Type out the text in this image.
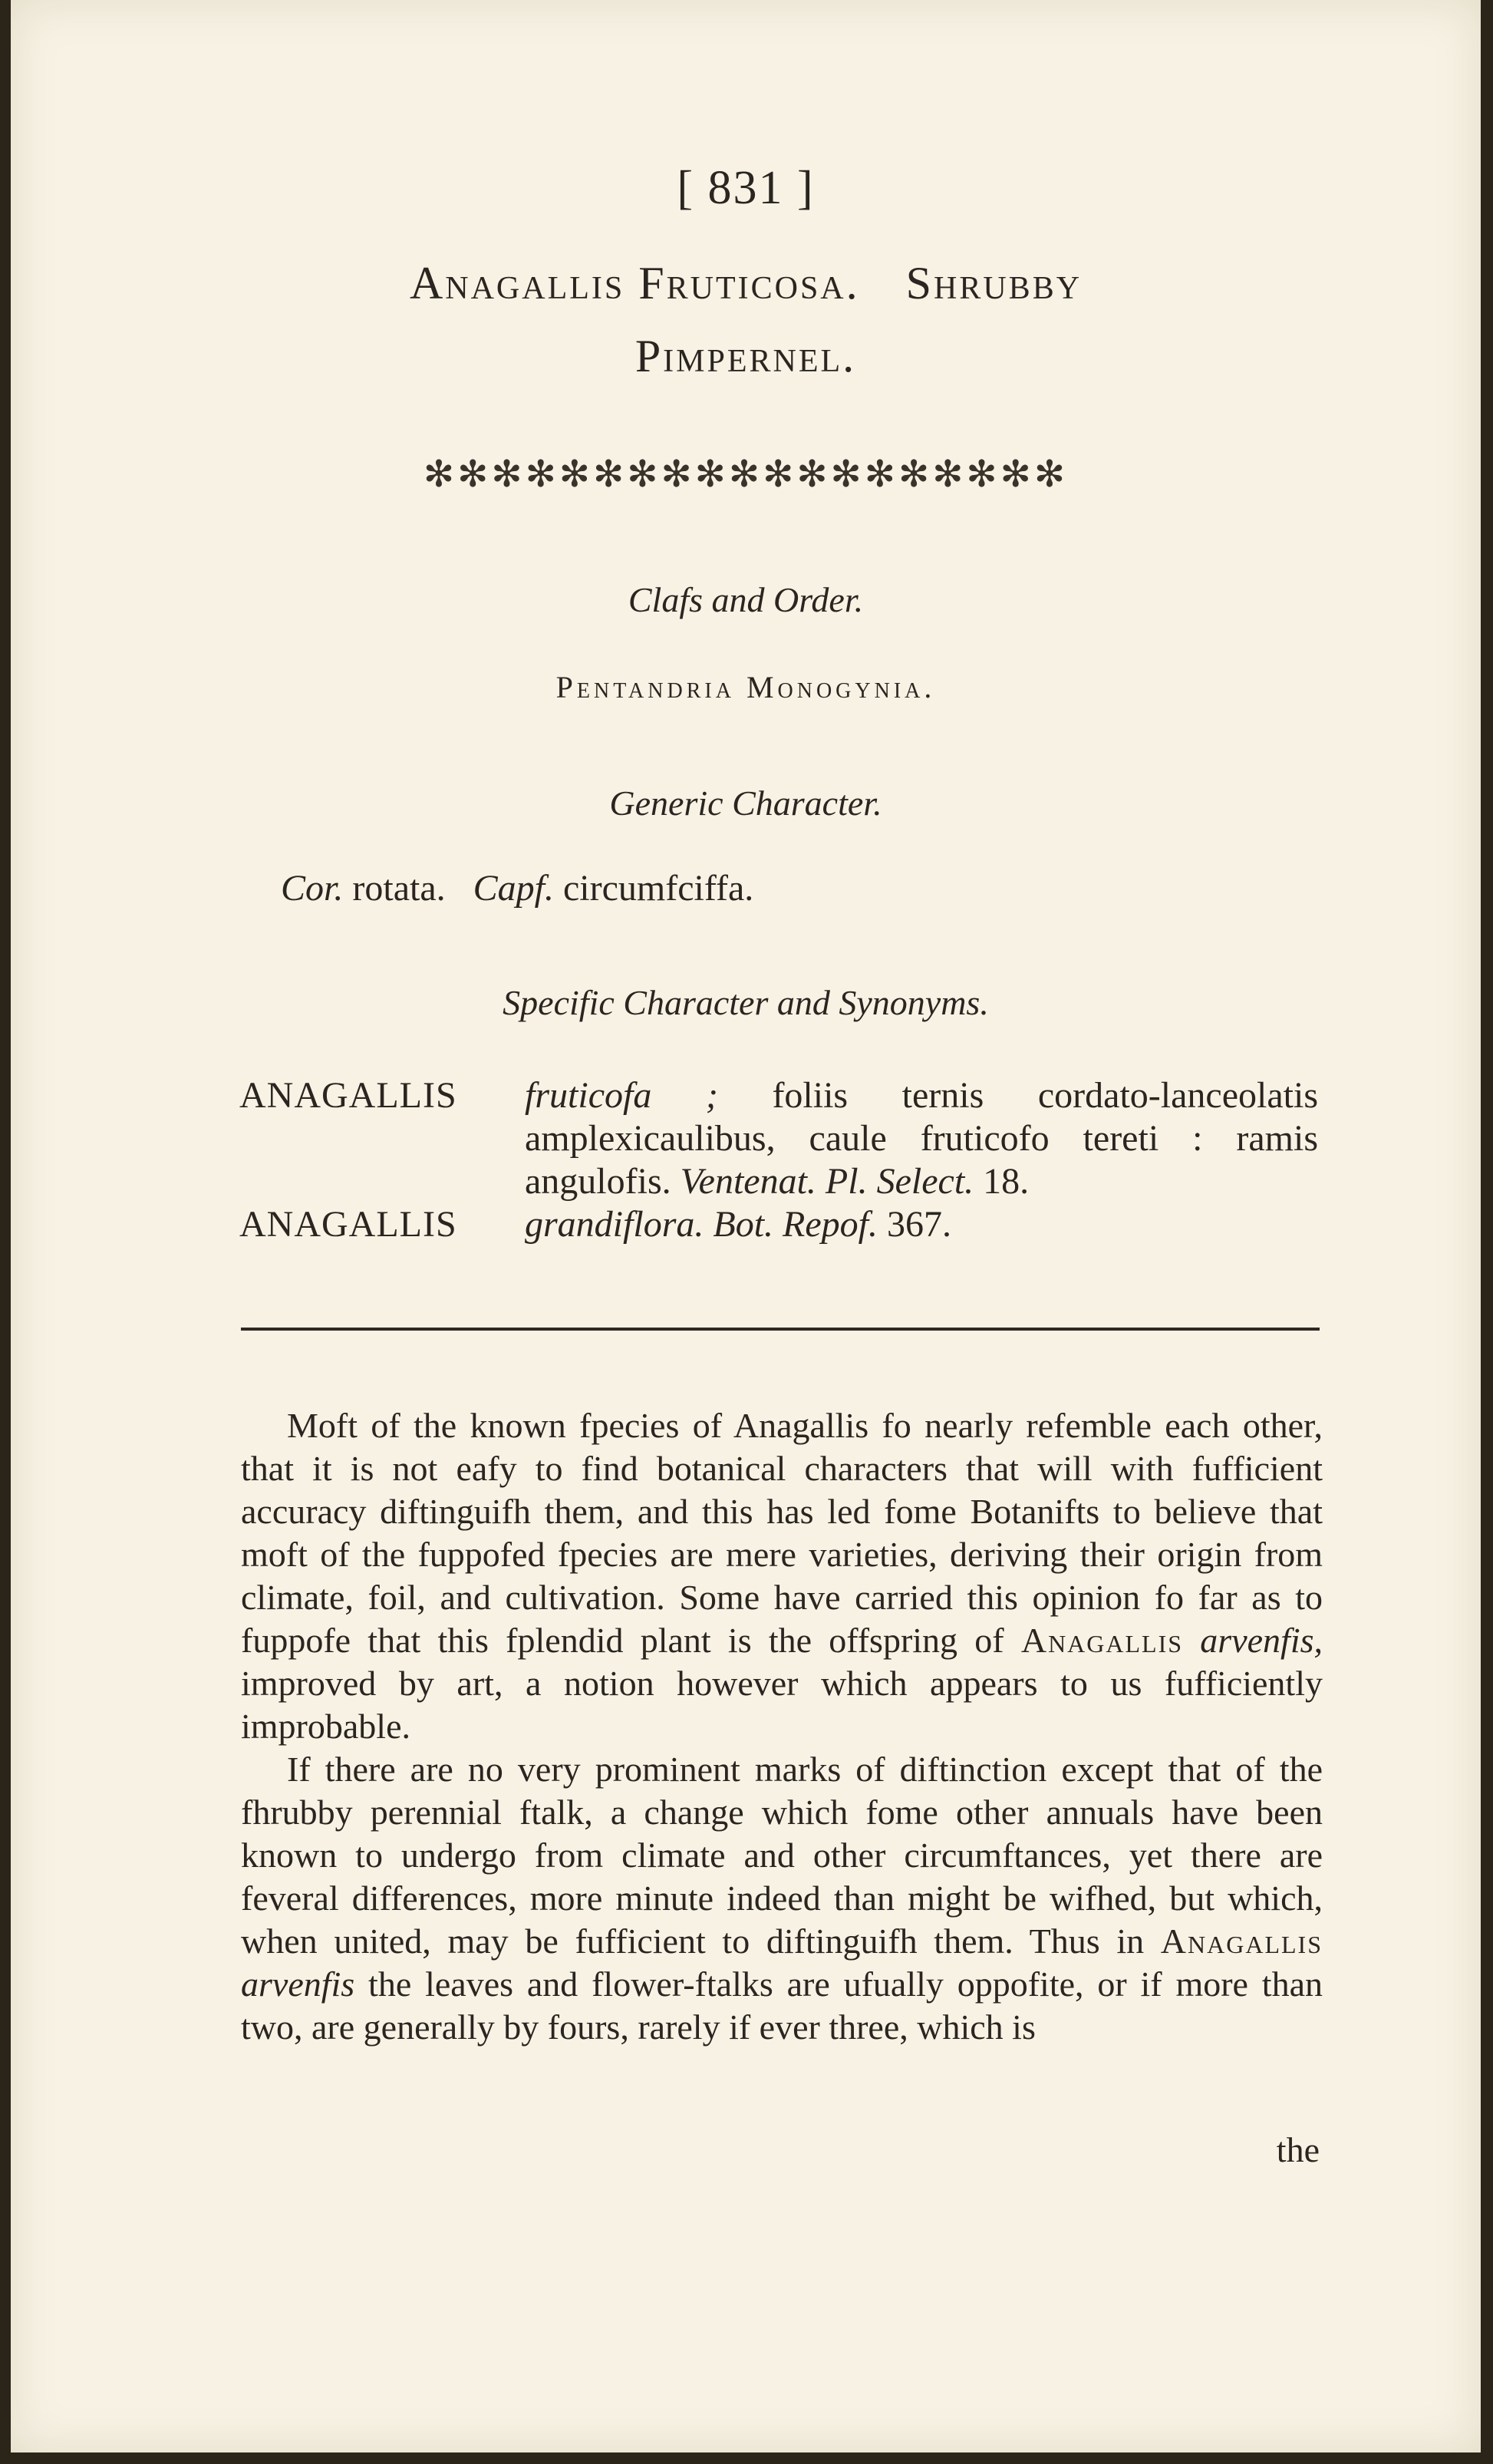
[ 831 ]
Anagallis Fruticosa. Shrubby
Pimpernel.
✻✻✻✻✻✻✻✻✻✻✻✻✻✻✻✻✻✻✻
Clafs and Order.
Pentandria Monogynia.
Generic Character.
Cor. rotata. Capf. circumfciffa.
Specific Character and Synonyms.
ANAGALLIS fruticofa ; foliis ternis cordato-lanceolatis amplexicaulibus, caule fruticofo tereti : ramis angulofis. Ventenat. Pl. Select. 18.
ANAGALLIS grandiflora. Bot. Repof. 367.

Moft of the known fpecies of Anagallis fo nearly refemble each other, that it is not eafy to find botanical characters that will with fufficient accuracy diftinguifh them, and this has led fome Botanifts to believe that moft of the fuppofed fpecies are mere varieties, deriving their origin from climate, foil, and cultivation. Some have carried this opinion fo far as to fuppofe that this fplendid plant is the offspring of Anagallis arvenfis, improved by art, a notion however which appears to us fufficiently improbable.

If there are no very prominent marks of diftinction except that of the fhrubby perennial ftalk, a change which fome other annuals have been known to undergo from climate and other circumftances, yet there are feveral differences, more minute indeed than might be wifhed, but which, when united, may be fufficient to diftinguifh them. Thus in Anagallis arvenfis the leaves and flower-ftalks are ufually oppofite, or if more than two, are generally by fours, rarely if ever three, which is

the
